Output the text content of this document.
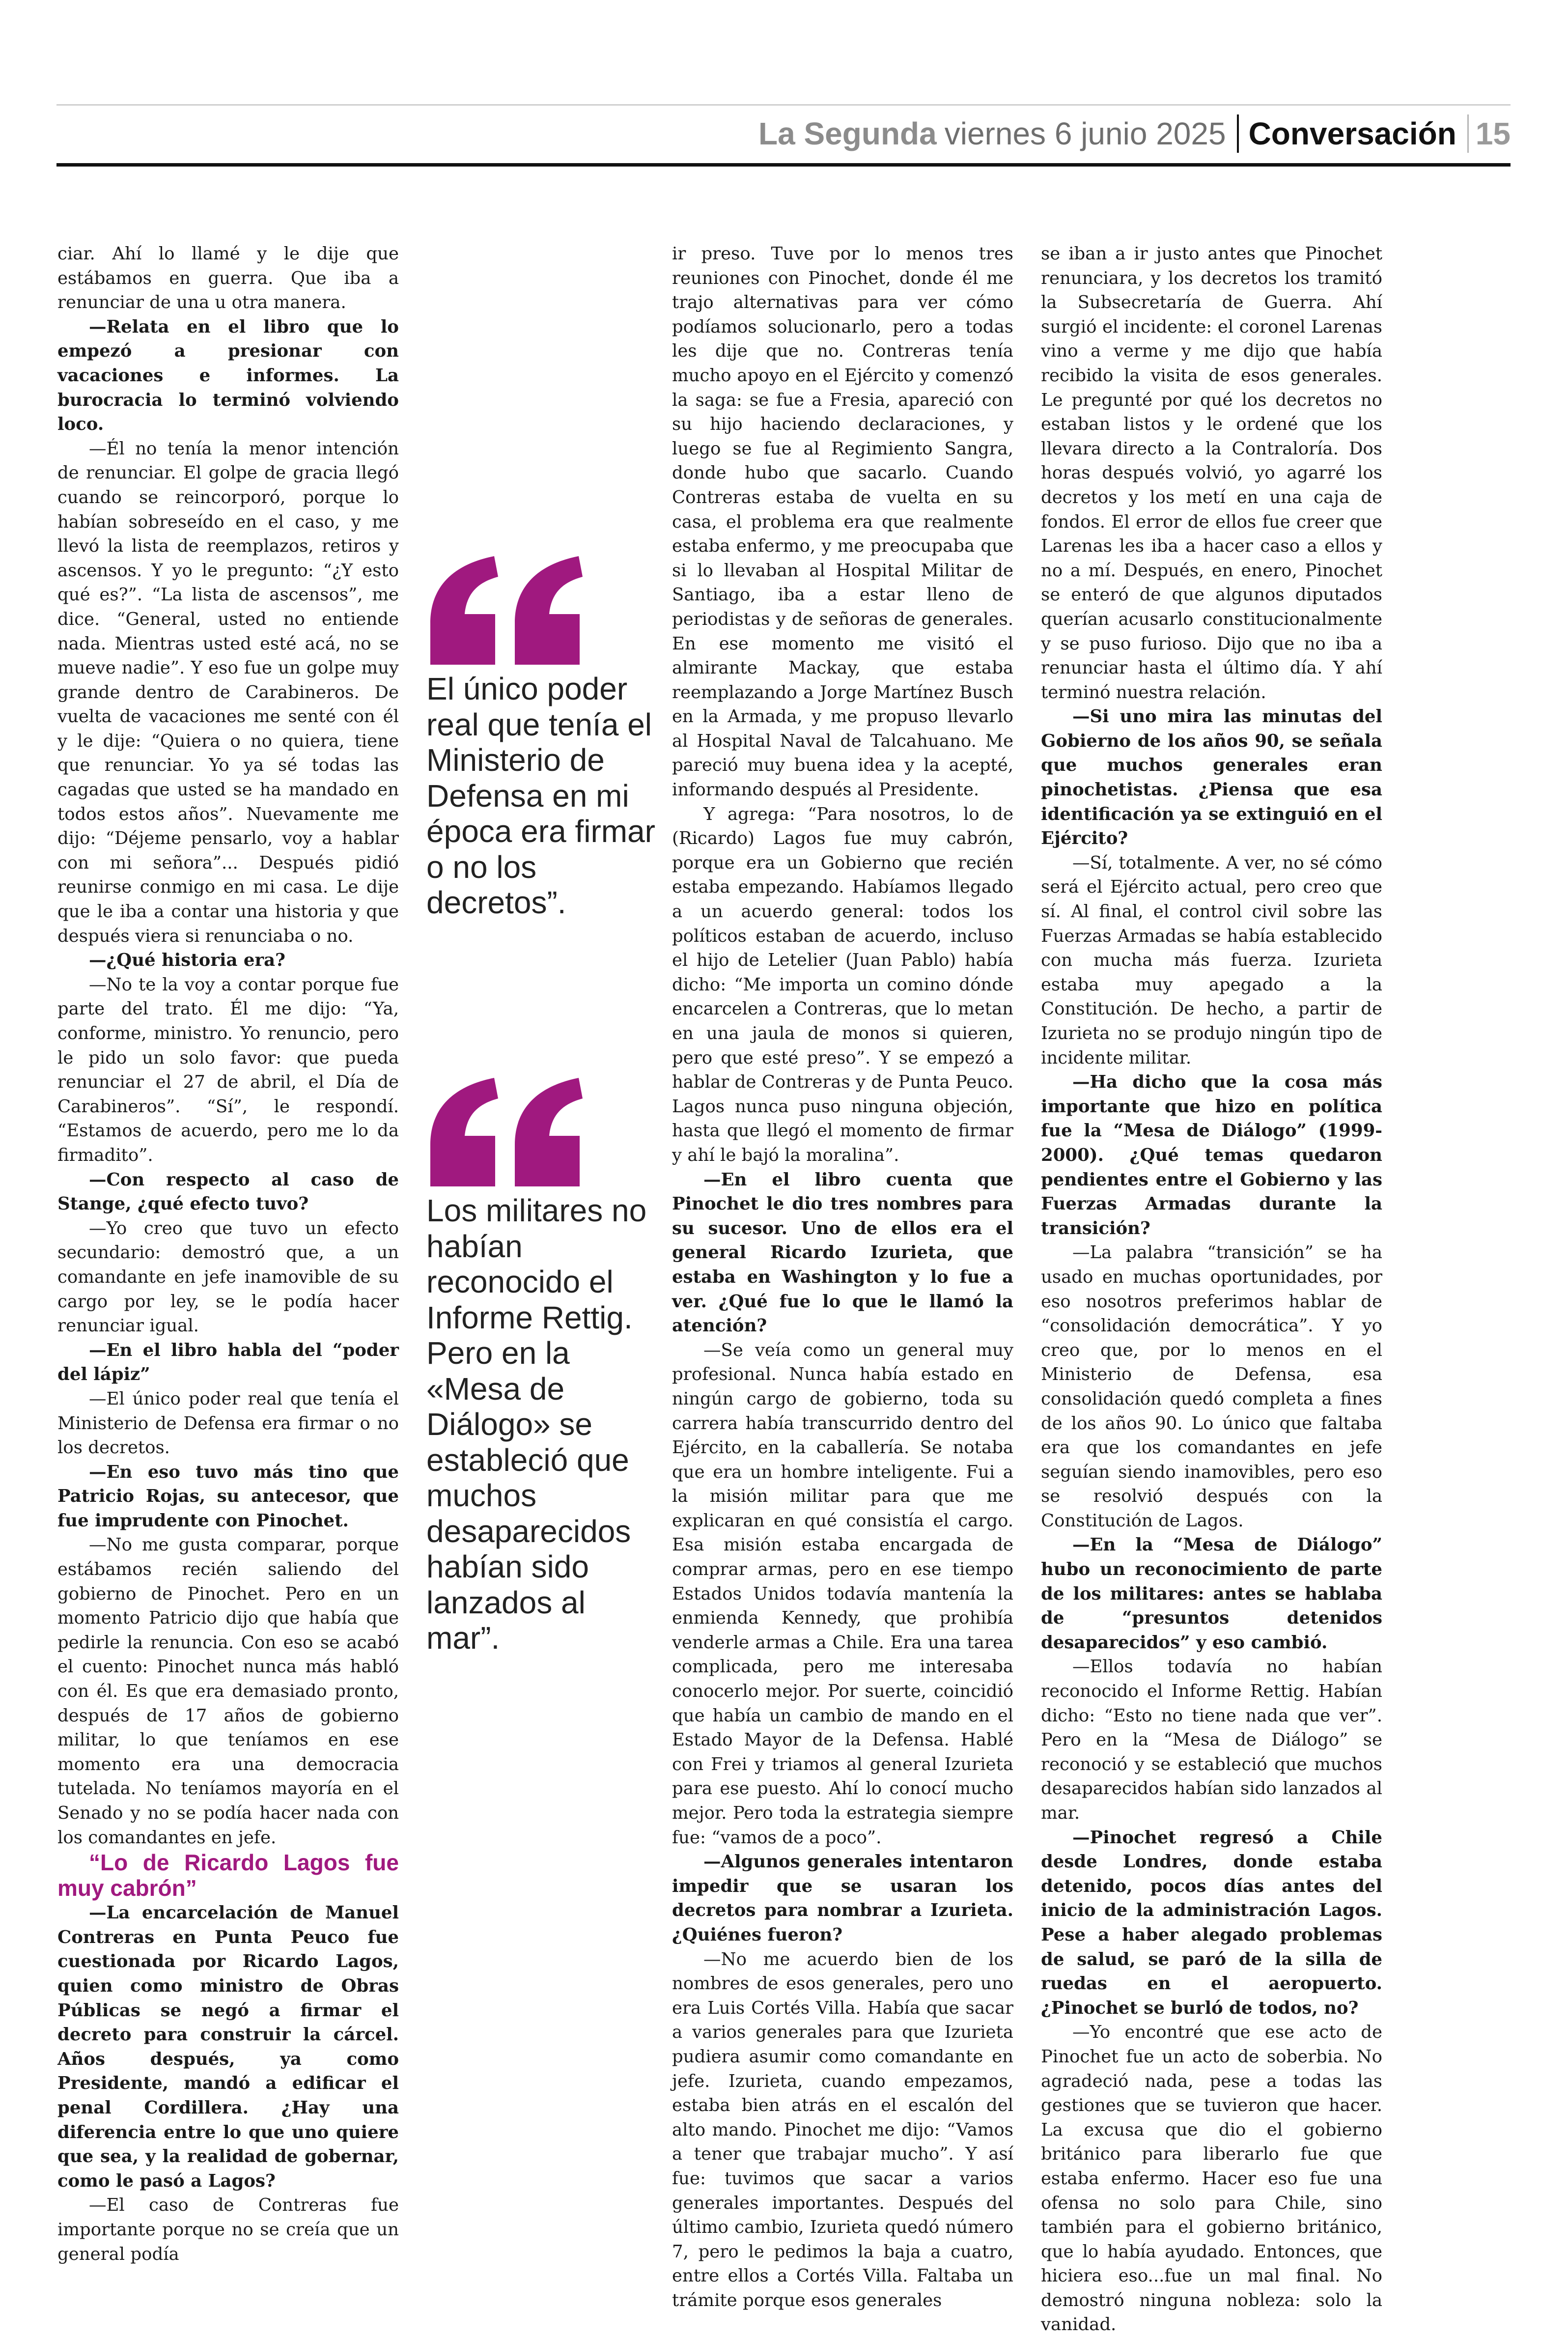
La Segunda viernes 6 junio 2025 Conversación 15

ciar. Ahí lo llamé y le dije que estábamos en guerra. Que iba a renunciar de una u otra manera.

—Relata en el libro que lo empezó a presionar con vacaciones e informes. La burocracia lo terminó volviendo loco.

—Él no tenía la menor intención de renunciar. El golpe de gracia llegó cuando se reincorporó, porque lo habían sobreseído en el caso, y me llevó la lista de reemplazos, retiros y ascensos. Y yo le pregunto: “¿Y esto qué es?”. “La lista de ascensos”, me dice. “General, usted no entiende nada. Mientras usted esté acá, no se mueve nadie”. Y eso fue un golpe muy grande dentro de Carabineros. De vuelta de vacaciones me senté con él y le dije: “Quiera o no quiera, tiene que renunciar. Yo ya sé todas las cagadas que usted se ha mandado en todos estos años”. Nuevamente me dijo: “Déjeme pensarlo, voy a hablar con mi señora”... Después pidió reunirse conmigo en mi casa. Le dije que le iba a contar una historia y que después viera si renunciaba o no.

—¿Qué historia era?

—No te la voy a contar porque fue parte del trato. Él me dijo: “Ya, conforme, ministro. Yo renuncio, pero le pido un solo favor: que pueda renunciar el 27 de abril, el Día de Carabineros”. “Sí”, le respondí. “Estamos de acuerdo, pero me lo da firmadito”.

—Con respecto al caso de Stange, ¿qué efecto tuvo?

—Yo creo que tuvo un efecto secundario: demostró que, a un comandante en jefe inamovible de su cargo por ley, se le podía hacer renunciar igual.

—En el libro habla del “poder del lápiz”

—El único poder real que tenía el Ministerio de Defensa era firmar o no los decretos.

—En eso tuvo más tino que Patricio Rojas, su antecesor, que fue imprudente con Pinochet.

—No me gusta comparar, porque estábamos recién saliendo del gobierno de Pinochet. Pero en un momento Patricio dijo que había que pedirle la renuncia. Con eso se acabó el cuento: Pinochet nunca más habló con él. Es que era demasiado pronto, después de 17 años de gobierno militar, lo que teníamos en ese momento era una democracia tutelada. No teníamos mayoría en el Senado y no se podía hacer nada con los comandantes en jefe.

“Lo de Ricardo Lagos fue muy cabrón”

—La encarcelación de Manuel Contreras en Punta Peuco fue cuestionada por Ricardo Lagos, quien como ministro de Obras Públicas se negó a firmar el decreto para construir la cárcel. Años después, ya como Presidente, mandó a edificar el penal Cordillera. ¿Hay una diferencia entre lo que uno quiere que sea, y la realidad de gobernar, como le pasó a Lagos?

—El caso de Contreras fue importante porque no se creía que un general podía

El único poder real que tenía el Ministerio de Defensa en mi época era firmar o no los decretos”.
Los militares no habían reconocido el Informe Rettig. Pero en la «Mesa de Diálogo» se estableció que muchos desaparecidos habían sido lanzados al mar”.

ir preso. Tuve por lo menos tres reuniones con Pinochet, donde él me trajo alternativas para ver cómo podíamos solucionarlo, pero a todas les dije que no. Contreras tenía mucho apoyo en el Ejército y comenzó la saga: se fue a Fresia, apareció con su hijo haciendo declaraciones, y luego se fue al Regimiento Sangra, donde hubo que sacarlo. Cuando Contreras estaba de vuelta en su casa, el problema era que realmente estaba enfermo, y me preocupaba que si lo llevaban al Hospital Militar de Santiago, iba a estar lleno de periodistas y de señoras de generales. En ese momento me visitó el almirante Mackay, que estaba reemplazando a Jorge Martínez Busch en la Armada, y me propuso llevarlo al Hospital Naval de Talcahuano. Me pareció muy buena idea y la acepté, informando después al Presidente.

Y agrega: “Para nosotros, lo de (Ricardo) Lagos fue muy cabrón, porque era un Gobierno que recién estaba empezando. Habíamos llegado a un acuerdo general: todos los políticos estaban de acuerdo, incluso el hijo de Letelier (Juan Pablo) había dicho: “Me importa un comino dónde encarcelen a Contreras, que lo metan en una jaula de monos si quieren, pero que esté preso”. Y se empezó a hablar de Contreras y de Punta Peuco. Lagos nunca puso ninguna objeción, hasta que llegó el momento de firmar y ahí le bajó la moralina”.

—En el libro cuenta que Pinochet le dio tres nombres para su sucesor. Uno de ellos era el general Ricardo Izurieta, que estaba en Washington y lo fue a ver. ¿Qué fue lo que le llamó la atención?

—Se veía como un general muy profesional. Nunca había estado en ningún cargo de gobierno, toda su carrera había transcurrido dentro del Ejército, en la caballería. Se notaba que era un hombre inteligente. Fui a la misión militar para que me explicaran en qué consistía el cargo. Esa misión estaba encargada de comprar armas, pero en ese tiempo Estados Unidos todavía mantenía la enmienda Kennedy, que prohibía venderle armas a Chile. Era una tarea complicada, pero me interesaba conocerlo mejor. Por suerte, coincidió que había un cambio de mando en el Estado Mayor de la Defensa. Hablé con Frei y triamos al general Izurieta para ese puesto. Ahí lo conocí mucho mejor. Pero toda la estrategia siempre fue: “vamos de a poco”.

—Algunos generales intentaron impedir que se usaran los decretos para nombrar a Izurieta. ¿Quiénes fueron?

—No me acuerdo bien de los nombres de esos generales, pero uno era Luis Cortés Villa. Había que sacar a varios generales para que Izurieta pudiera asumir como comandante en jefe. Izurieta, cuando empezamos, estaba bien atrás en el escalón del alto mando. Pinochet me dijo: “Vamos a tener que trabajar mucho”. Y así fue: tuvimos que sacar a varios generales importantes. Después del último cambio, Izurieta quedó número 7, pero le pedimos la baja a cuatro, entre ellos a Cortés Villa. Faltaba un trámite porque esos generales

se iban a ir justo antes que Pinochet renunciara, y los decretos los tramitó la Subsecretaría de Guerra. Ahí surgió el incidente: el coronel Larenas vino a verme y me dijo que había recibido la visita de esos generales. Le pregunté por qué los decretos no estaban listos y le ordené que los llevara directo a la Contraloría. Dos horas después volvió, yo agarré los decretos y los metí en una caja de fondos. El error de ellos fue creer que Larenas les iba a hacer caso a ellos y no a mí. Después, en enero, Pinochet se enteró de que algunos diputados querían acusarlo constitucionalmente y se puso furioso. Dijo que no iba a renunciar hasta el último día. Y ahí terminó nuestra relación.

—Si uno mira las minutas del Gobierno de los años 90, se señala que muchos generales eran pinochetistas. ¿Piensa que esa identificación ya se extinguió en el Ejército?

—Sí, totalmente. A ver, no sé cómo será el Ejército actual, pero creo que sí. Al final, el control civil sobre las Fuerzas Armadas se había establecido con mucha más fuerza. Izurieta estaba muy apegado a la Constitución. De hecho, a partir de Izurieta no se produjo ningún tipo de incidente militar.

—Ha dicho que la cosa más importante que hizo en política fue la “Mesa de Diálogo” (1999-2000). ¿Qué temas quedaron pendientes entre el Gobierno y las Fuerzas Armadas durante la transición?

—La palabra “transición” se ha usado en muchas oportunidades, por eso nosotros preferimos hablar de “consolidación democrática”. Y yo creo que, por lo menos en el Ministerio de Defensa, esa consolidación quedó completa a fines de los años 90. Lo único que faltaba era que los comandantes en jefe seguían siendo inamovibles, pero eso se resolvió después con la Constitución de Lagos.

—En la “Mesa de Diálogo” hubo un reconocimiento de parte de los militares: antes se hablaba de “presuntos detenidos desaparecidos” y eso cambió.

—Ellos todavía no habían reconocido el Informe Rettig. Habían dicho: “Esto no tiene nada que ver”. Pero en la “Mesa de Diálogo” se reconoció y se estableció que muchos desaparecidos habían sido lanzados al mar.

—Pinochet regresó a Chile desde Londres, donde estaba detenido, pocos días antes del inicio de la administración Lagos. Pese a haber alegado problemas de salud, se paró de la silla de ruedas en el aeropuerto. ¿Pinochet se burló de todos, no?

—Yo encontré que ese acto de Pinochet fue un acto de soberbia. No agradeció nada, pese a todas las gestiones que se tuvieron que hacer. La excusa que dio el gobierno británico para liberarlo fue que estaba enfermo. Hacer eso fue una ofensa no solo para Chile, sino también para el gobierno británico, que lo había ayudado. Entonces, que hiciera eso...fue un mal final. No demostró ninguna nobleza: solo la vanidad.
